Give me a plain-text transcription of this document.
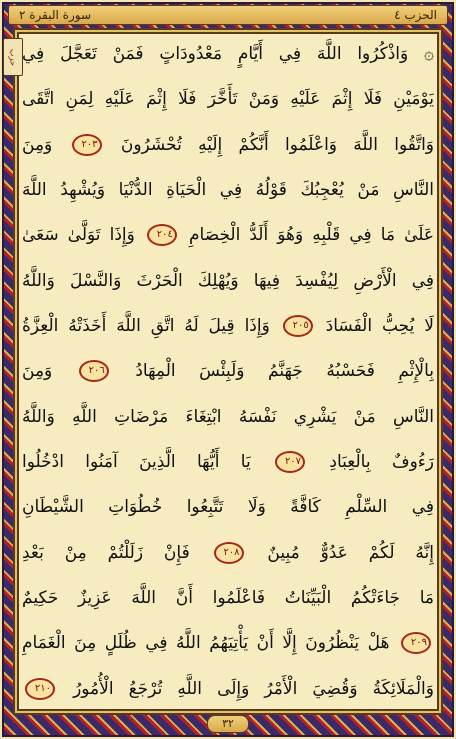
سورة البقرة ٢	الحزب ٤
حزب ۞ وَاذْكُرُوا اللَّهَ فِي أَيَّامٍ مَعْدُودَاتٍ فَمَنْ تَعَجَّلَ فِي
يَوْمَيْنِ فَلَا إِثْمَ عَلَيْهِ وَمَنْ تَأَخَّرَ فَلَا إِثْمَ عَلَيْهِ لِمَنِ اتَّقَى
وَاتَّقُوا اللَّهَ وَاعْلَمُوا أَنَّكُمْ إِلَيْهِ تُحْشَرُونَ ٢٠٣ وَمِنَ
النَّاسِ مَنْ يُعْجِبُكَ قَوْلُهُ فِي الْحَيَاةِ الدُّنْيَا وَيُشْهِدُ اللَّهَ
عَلَىٰ مَا فِي قَلْبِهِ وَهُوَ أَلَدُّ الْخِصَامِ ٢٠٤ وَإِذَا تَوَلَّىٰ سَعَىٰ
فِي الْأَرْضِ لِيُفْسِدَ فِيهَا وَيُهْلِكَ الْحَرْثَ وَالنَّسْلَ وَاللَّهُ
لَا يُحِبُّ الْفَسَادَ ٢٠٥ وَإِذَا قِيلَ لَهُ اتَّقِ اللَّهَ أَخَذَتْهُ الْعِزَّةُ
بِالْإِثْمِ فَحَسْبُهُ جَهَنَّمُ وَلَبِئْسَ الْمِهَادُ ٢٠٦ وَمِنَ
النَّاسِ مَنْ يَشْرِي نَفْسَهُ ابْتِغَاءَ مَرْضَاتِ اللَّهِ وَاللَّهُ
رَءُوفٌ بِالْعِبَادِ ٢٠٧ يَا أَيُّهَا الَّذِينَ آمَنُوا ادْخُلُوا
فِي السِّلْمِ كَافَّةً وَلَا تَتَّبِعُوا خُطُوَاتِ الشَّيْطَانِ
إِنَّهُ لَكُمْ عَدُوٌّ مُبِينٌ ٢٠٨ فَإِنْ زَلَلْتُمْ مِنْ بَعْدِ
مَا جَاءَتْكُمُ الْبَيِّنَاتُ فَاعْلَمُوا أَنَّ اللَّهَ عَزِيزٌ حَكِيمٌ
٢٠٩ هَلْ يَنْظُرُونَ إِلَّا أَنْ يَأْتِيَهُمُ اللَّهُ فِي ظُلَلٍ مِنَ الْغَمَامِ
وَالْمَلَائِكَةُ وَقُضِيَ الْأَمْرُ وَإِلَى اللَّهِ تُرْجَعُ الْأُمُورُ ٢١٠
٣٢
